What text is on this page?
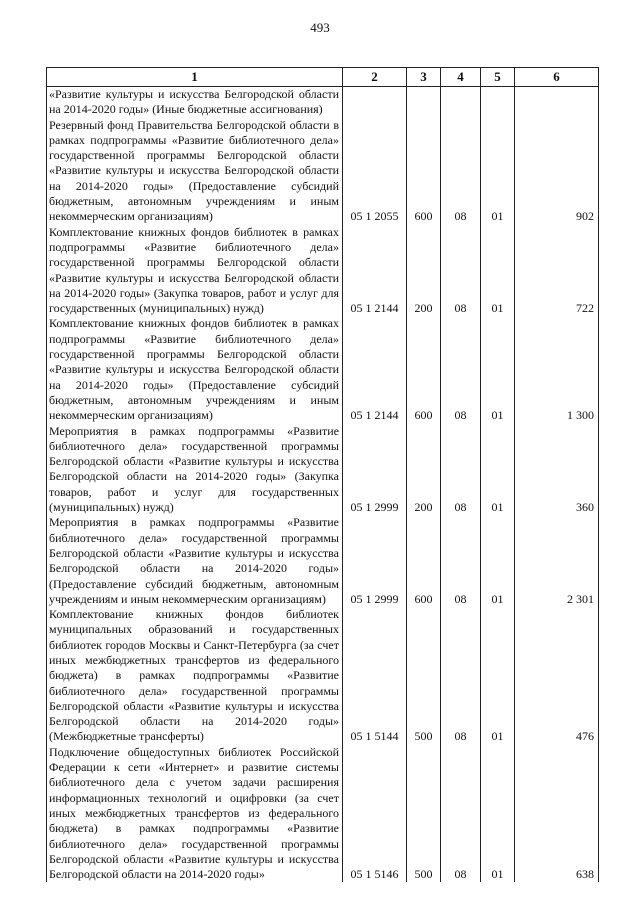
493
1	2	3	4	5	6
«Развитие культуры и искусства Белгородской области на 2014-2020 годы» (Иные бюджетные ассигнования)					
Резервный фонд Правительства Белгородской области в рамках подпрограммы «Развитие библиотечного дела» государственной программы Белгородской области «Развитие культуры и искусства Белгородской области на 2014-2020 годы» (Предоставление субсидий бюджетным, автономным учреждениям и иным некоммерческим организациям)	05 1 2055	600	08	01	902
Комплектование книжных фондов библиотек в рамках подпрограммы «Развитие библиотечного дела» государственной программы Белгородской области «Развитие культуры и искусства Белгородской области на 2014-2020 годы» (Закупка товаров, работ и услуг для государственных (муниципальных) нужд)	05 1 2144	200	08	01	722
Комплектование книжных фондов библиотек в рамках подпрограммы «Развитие библиотечного дела» государственной программы Белгородской области «Развитие культуры и искусства Белгородской области на 2014-2020 годы» (Предоставление субсидий бюджетным, автономным учреждениям и иным некоммерческим организациям)	05 1 2144	600	08	01	1 300
Мероприятия в рамках подпрограммы «Развитие библиотечного дела» государственной программы Белгородской области «Развитие культуры и искусства Белгородской области на 2014-2020 годы» (Закупка товаров, работ и услуг для государственных (муниципальных) нужд)	05 1 2999	200	08	01	360
Мероприятия в рамках подпрограммы «Развитие библиотечного дела» государственной программы Белгородской области «Развитие культуры и искусства Белгородской области на 2014-2020 годы» (Предоставление субсидий бюджетным, автономным учреждениям и иным некоммерческим организациям)	05 1 2999	600	08	01	2 301
Комплектование книжных фондов библиотек муниципальных образований и государственных библиотек городов Москвы и Санкт-Петербурга (за счет иных межбюджетных трансфертов из федерального бюджета) в рамках подпрограммы «Развитие библиотечного дела» государственной программы Белгородской области «Развитие культуры и искусства Белгородской области на 2014-2020 годы» (Межбюджетные трансферты)	05 1 5144	500	08	01	476
Подключение общедоступных библиотек Российской Федерации к сети «Интернет» и развитие системы библиотечного дела с учетом задачи расширения информационных технологий и оцифровки (за счет иных межбюджетных трансфертов из федерального бюджета) в рамках подпрограммы «Развитие библиотечного дела» государственной программы Белгородской области «Развитие культуры и искусства Белгородской области на 2014-2020 годы»	05 1 5146	500	08	01	638
